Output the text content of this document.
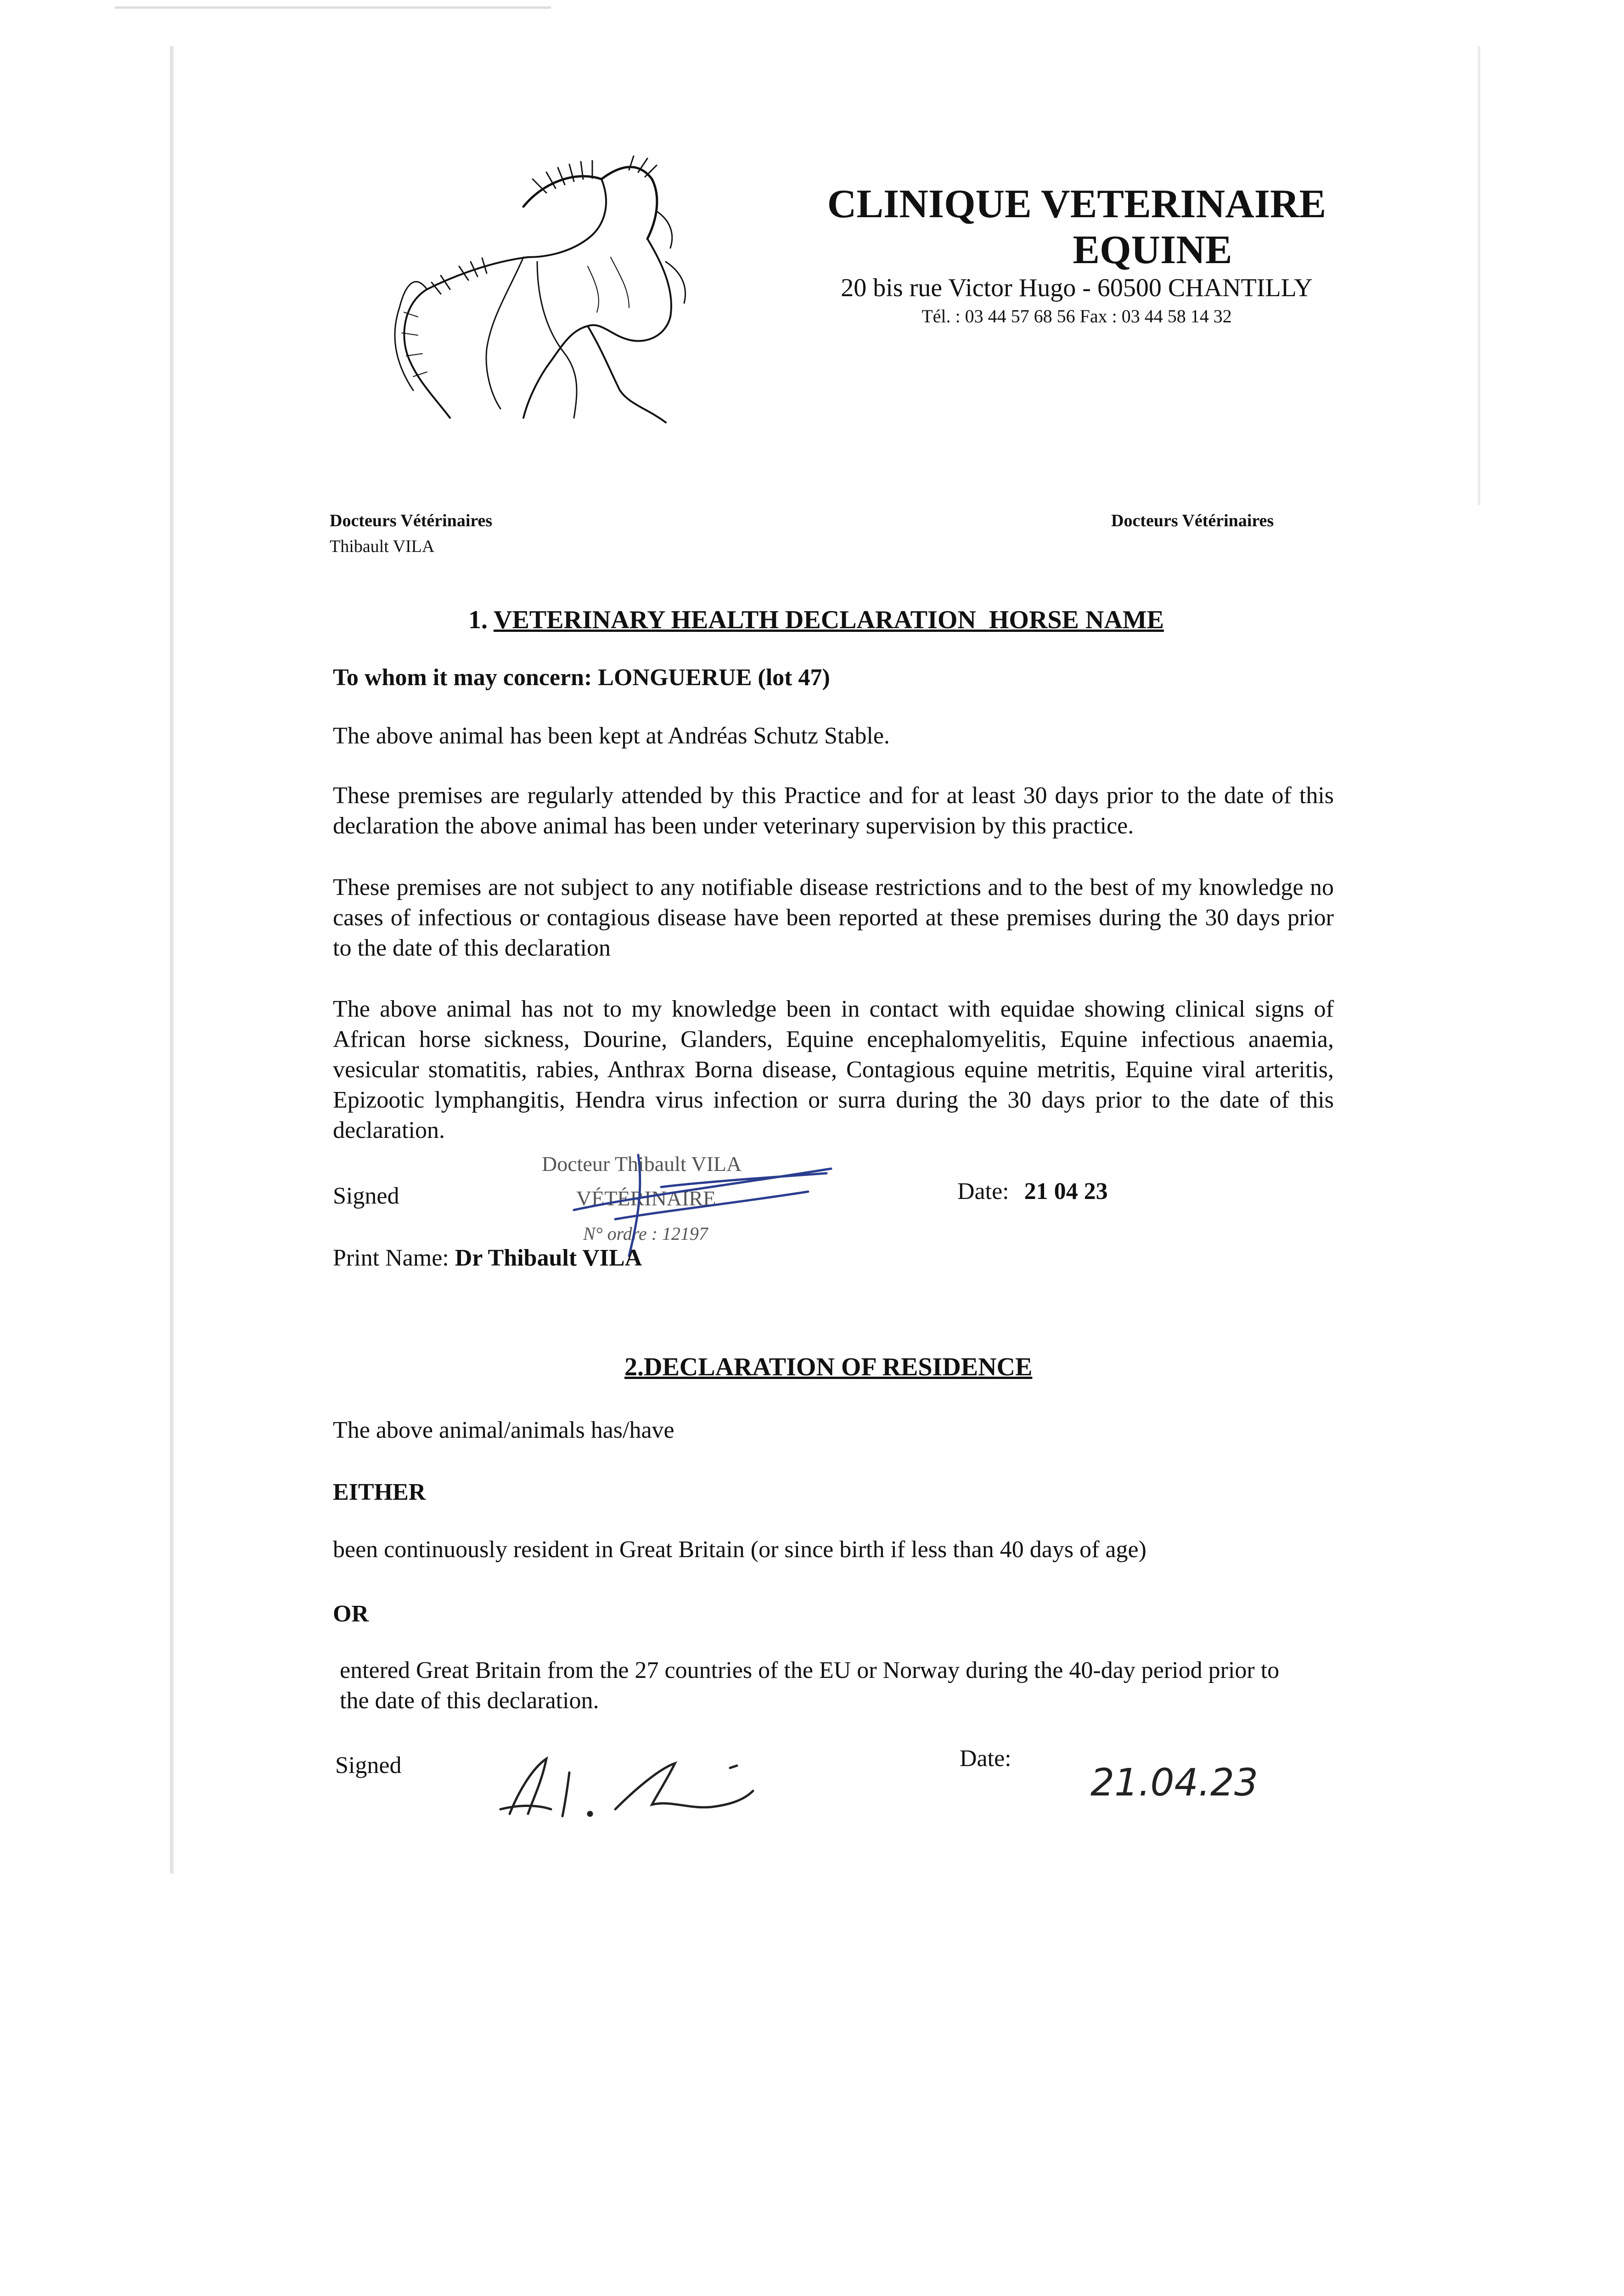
CLINIQUE VETERINAIRE
EQUINE
20 bis rue Victor Hugo - 60500 CHANTILLY
Tél. : 03 44 57 68 56 Fax : 03 44 58 14 32
Docteurs Vétérinaires
Thibault VILA
Docteurs Vétérinaires
1. VETERINARY HEALTH DECLARATION  HORSE NAME
To whom it may concern: LONGUERUE (lot 47)
The above animal has been kept at Andréas Schutz Stable.
These premises are regularly attended by this Practice and for at least 30 days prior to the date of this declaration the above animal has been under veterinary supervision by this practice.
These premises are not subject to any notifiable disease restrictions and to the best of my knowledge no cases of infectious or contagious disease have been reported at these premises during the 30 days prior to the date of this declaration
The above animal has not to my knowledge been in contact with equidae showing clinical signs of African horse sickness, Dourine, Glanders, Equine encephalomyelitis, Equine infectious anaemia, vesicular stomatitis, rabies, Anthrax Borna disease, Contagious equine metritis, Equine viral arteritis, Epizootic lymphangitis, Hendra virus infection or surra during the 30 days prior to the date of this declaration.
Signed
Docteur Thibault VILA
VÉTÉRINAIRE
N° ordre : 12197
Date: 21 04 23
Print Name: Dr Thibault VILA
2.DECLARATION OF RESIDENCE
The above animal/animals has/have
EITHER
been continuously resident in Great Britain (or since birth if less than 40 days of age)
OR
entered Great Britain from the 27 countries of the EU or Norway during the 40-day period prior to the date of this declaration.
Signed	Date:
21.04.23
